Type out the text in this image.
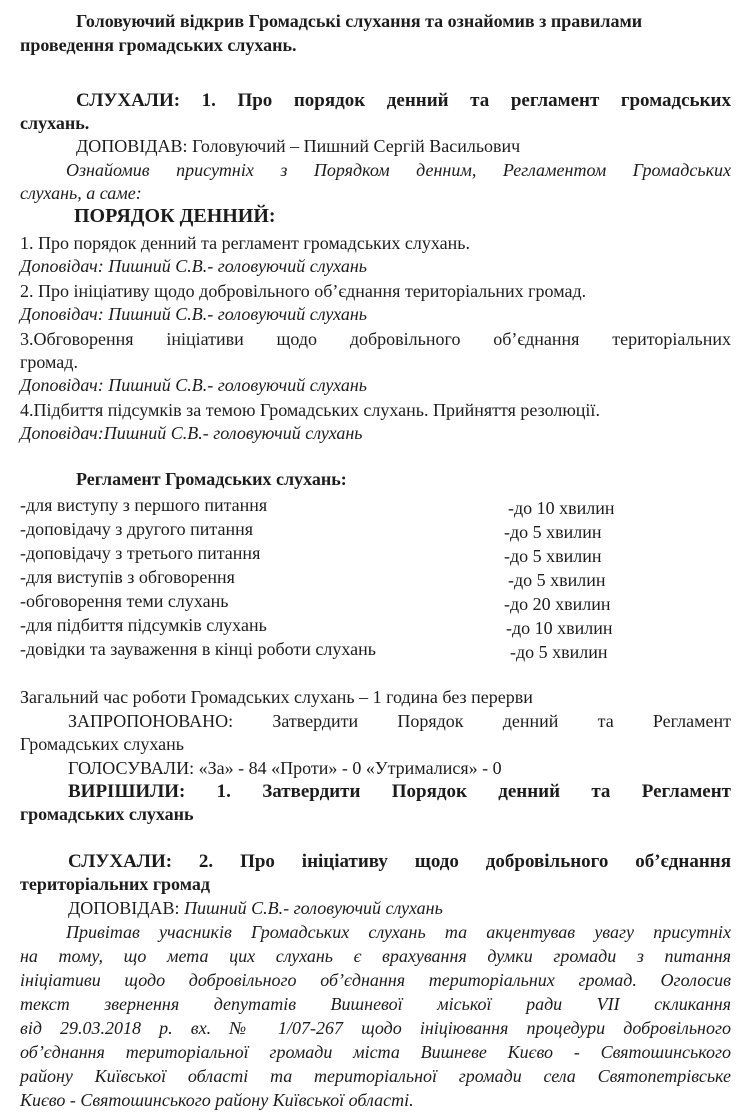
Головуючий відкрив Громадські слухання та ознайомив з правилами
проведення громадських слухань.
СЛУХАЛИ: 1. Про порядок денний та регламент громадських
слухань.
ДОПОВІДАВ: Головуючий – Пишний Сергій Васильович
Ознайомив присутніх з Порядком денним, Регламентом Громадських
слухань, а саме:
ПОРЯДОК ДЕННИЙ:
1. Про порядок денний та регламент громадських слухань.
Доповідач: Пишний С.В.- головуючий слухань
2. Про ініціативу щодо добровільного об’єднання територіальних громад.
Доповідач: Пишний С.В.- головуючий слухань
3.Обговорення ініціативи щодо добровільного об’єднання територіальних
громад.
Доповідач: Пишний С.В.- головуючий слухань
4.Підбиття підсумків за темою Громадських слухань. Прийняття резолюції.
Доповідач:Пишний С.В.- головуючий слухань
Регламент Громадських слухань:
-для виступу з першого питання	-до 10 хвилин
-доповідачу з другого питання	-до 5 хвилин
-доповідачу з третього питання	-до 5 хвилин
-для виступів з обговорення	-до 5 хвилин
-обговорення теми слухань	-до 20 хвилин
-для підбиття підсумків слухань	-до 10 хвилин
-довідки та зауваження в кінці роботи слухань	-до 5 хвилин
Загальний час роботи Громадських слухань – 1 година без перерви
ЗАПРОПОНОВАНО: Затвердити Порядок денний та Регламент
Громадських слухань
ГОЛОСУВАЛИ: «За» - 84 «Проти» - 0 «Утрималися» - 0
ВИРІШИЛИ: 1. Затвердити Порядок денний та Регламент
громадських слухань
СЛУХАЛИ: 2. Про ініціативу щодо добровільного об’єднання
територіальних громад
ДОПОВІДАВ: Пишний С.В.- головуючий слухань
Привітав учасників Громадських слухань та акцентував увагу присутніх
на тому, що мета цих слухань є врахування думки громади з питання
ініціативи щодо добровільного об’єднання територіальних громад. Оголосив
текст звернення депутатів Вишневої міської ради VII скликання
від 29.03.2018 р. вх. № 1/07-267 щодо ініціювання процедури добровільного
об’єднання територіальної громади міста Вишневе Києво - Святошинського
району Київської області та територіальної громади села Святопетрівське
Києво - Святошинського району Київської області.
